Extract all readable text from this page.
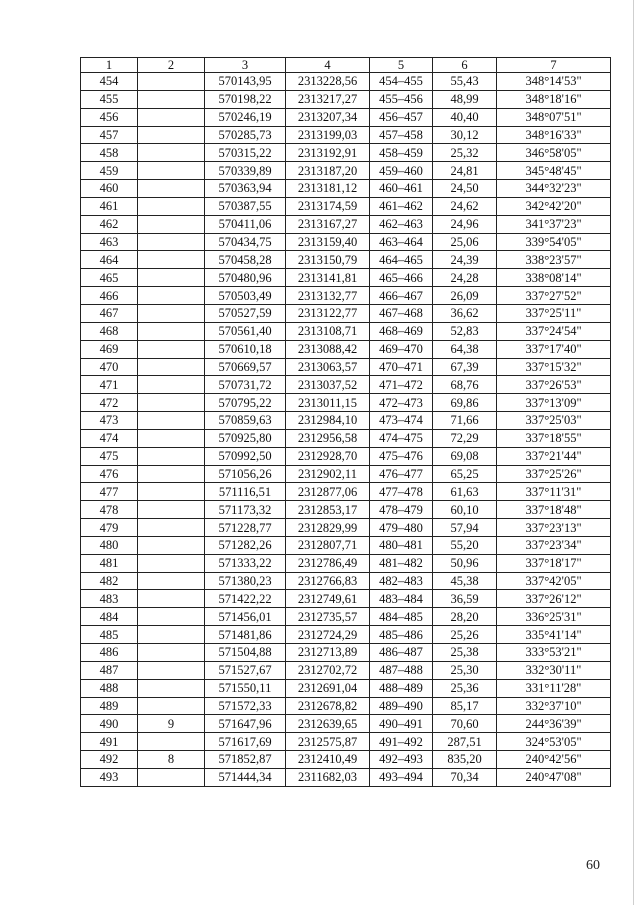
1	2	3	4	5	6	7
454		570143,95	2313228,56	454–455	55,43	348°14'53"
455		570198,22	2313217,27	455–456	48,99	348°18'16"
456		570246,19	2313207,34	456–457	40,40	348°07'51"
457		570285,73	2313199,03	457–458	30,12	348°16'33"
458		570315,22	2313192,91	458–459	25,32	346°58'05"
459		570339,89	2313187,20	459–460	24,81	345°48'45"
460		570363,94	2313181,12	460–461	24,50	344°32'23"
461		570387,55	2313174,59	461–462	24,62	342°42'20"
462		570411,06	2313167,27	462–463	24,96	341°37'23"
463		570434,75	2313159,40	463–464	25,06	339°54'05"
464		570458,28	2313150,79	464–465	24,39	338°23'57"
465		570480,96	2313141,81	465–466	24,28	338°08'14"
466		570503,49	2313132,77	466–467	26,09	337°27'52"
467		570527,59	2313122,77	467–468	36,62	337°25'11"
468		570561,40	2313108,71	468–469	52,83	337°24'54"
469		570610,18	2313088,42	469–470	64,38	337°17'40"
470		570669,57	2313063,57	470–471	67,39	337°15'32"
471		570731,72	2313037,52	471–472	68,76	337°26'53"
472		570795,22	2313011,15	472–473	69,86	337°13'09"
473		570859,63	2312984,10	473–474	71,66	337°25'03"
474		570925,80	2312956,58	474–475	72,29	337°18'55"
475		570992,50	2312928,70	475–476	69,08	337°21'44"
476		571056,26	2312902,11	476–477	65,25	337°25'26"
477		571116,51	2312877,06	477–478	61,63	337°11'31"
478		571173,32	2312853,17	478–479	60,10	337°18'48"
479		571228,77	2312829,99	479–480	57,94	337°23'13"
480		571282,26	2312807,71	480–481	55,20	337°23'34"
481		571333,22	2312786,49	481–482	50,96	337°18'17"
482		571380,23	2312766,83	482–483	45,38	337°42'05"
483		571422,22	2312749,61	483–484	36,59	337°26'12"
484		571456,01	2312735,57	484–485	28,20	336°25'31"
485		571481,86	2312724,29	485–486	25,26	335°41'14"
486		571504,88	2312713,89	486–487	25,38	333°53'21"
487		571527,67	2312702,72	487–488	25,30	332°30'11"
488		571550,11	2312691,04	488–489	25,36	331°11'28"
489		571572,33	2312678,82	489–490	85,17	332°37'10"
490	9	571647,96	2312639,65	490–491	70,60	244°36'39"
491		571617,69	2312575,87	491–492	287,51	324°53'05"
492	8	571852,87	2312410,49	492–493	835,20	240°42'56"
493		571444,34	2311682,03	493–494	70,34	240°47'08"
60
